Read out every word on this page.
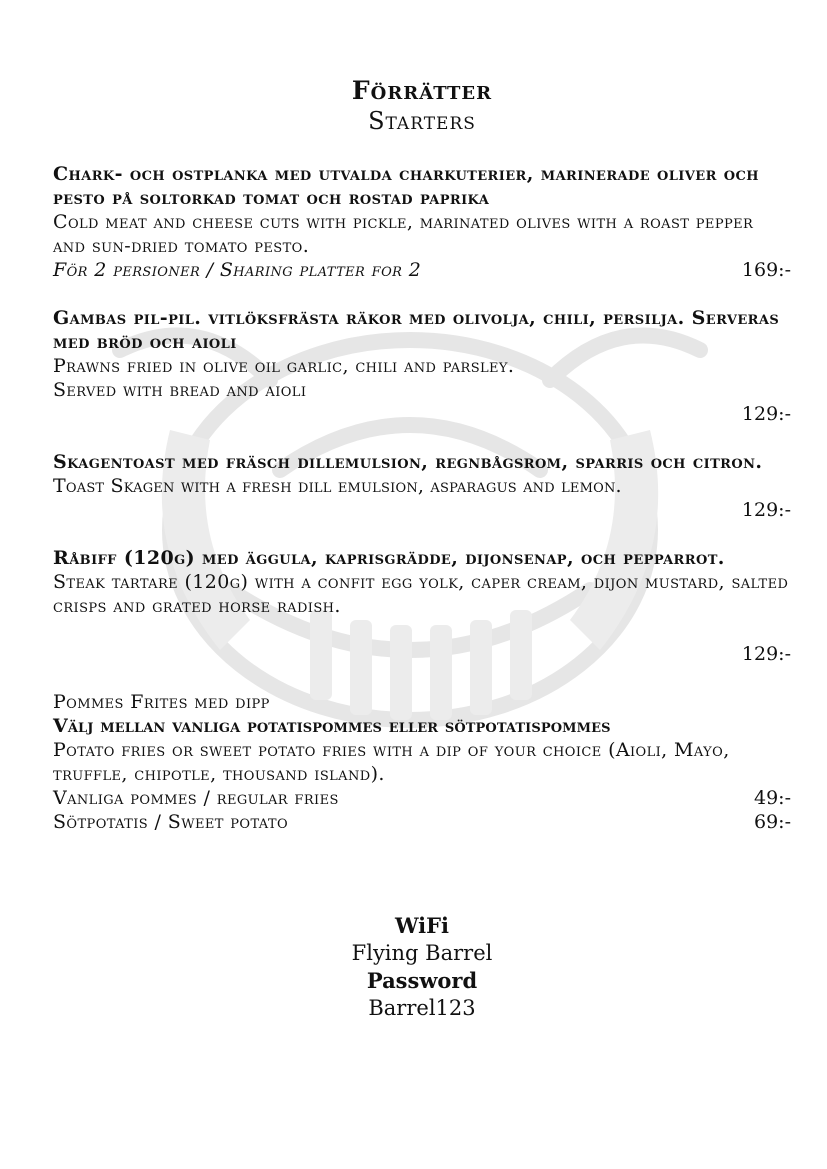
Förrätter
Starters
Chark- och ostplanka med utvalda charkuterier, marinerade oliver och pesto på soltorkad tomat och rostad paprika
Cold meat and cheese cuts with pickle, marinated olives with a roast pepper and sun-dried tomato pesto.
För 2 persioner / Sharing platter for 2	169:-
Gambas pil-pil. vitlöksfrästa räkor med olivolja, chili, persilja. Serveras med bröd och aioli
Prawns fried in olive oil garlic, chili and parsley.
Served with bread and aioli
129:-
Skagentoast med fräsch dillemulsion, regnbågsrom, sparris och citron.
Toast Skagen with a fresh dill emulsion, asparagus and lemon.
129:-
Råbiff (120g) med äggula, kaprisgrädde, dijonsenap, och pepparrot.
Steak tartare (120g) with a confit egg yolk, caper cream, dijon mustard, salted crisps and grated horse radish.
129:-
Pommes Frites med dipp
Välj mellan vanliga potatispommes eller sötpotatispommes
Potato fries or sweet potato fries with a dip of your choice (Aioli, Mayo, truffle, chipotle, thousand island).
Vanliga pommes / regular fries	49:-
Sötpotatis / Sweet potato	69:-
WiFi
Flying Barrel
Password
Barrel123
